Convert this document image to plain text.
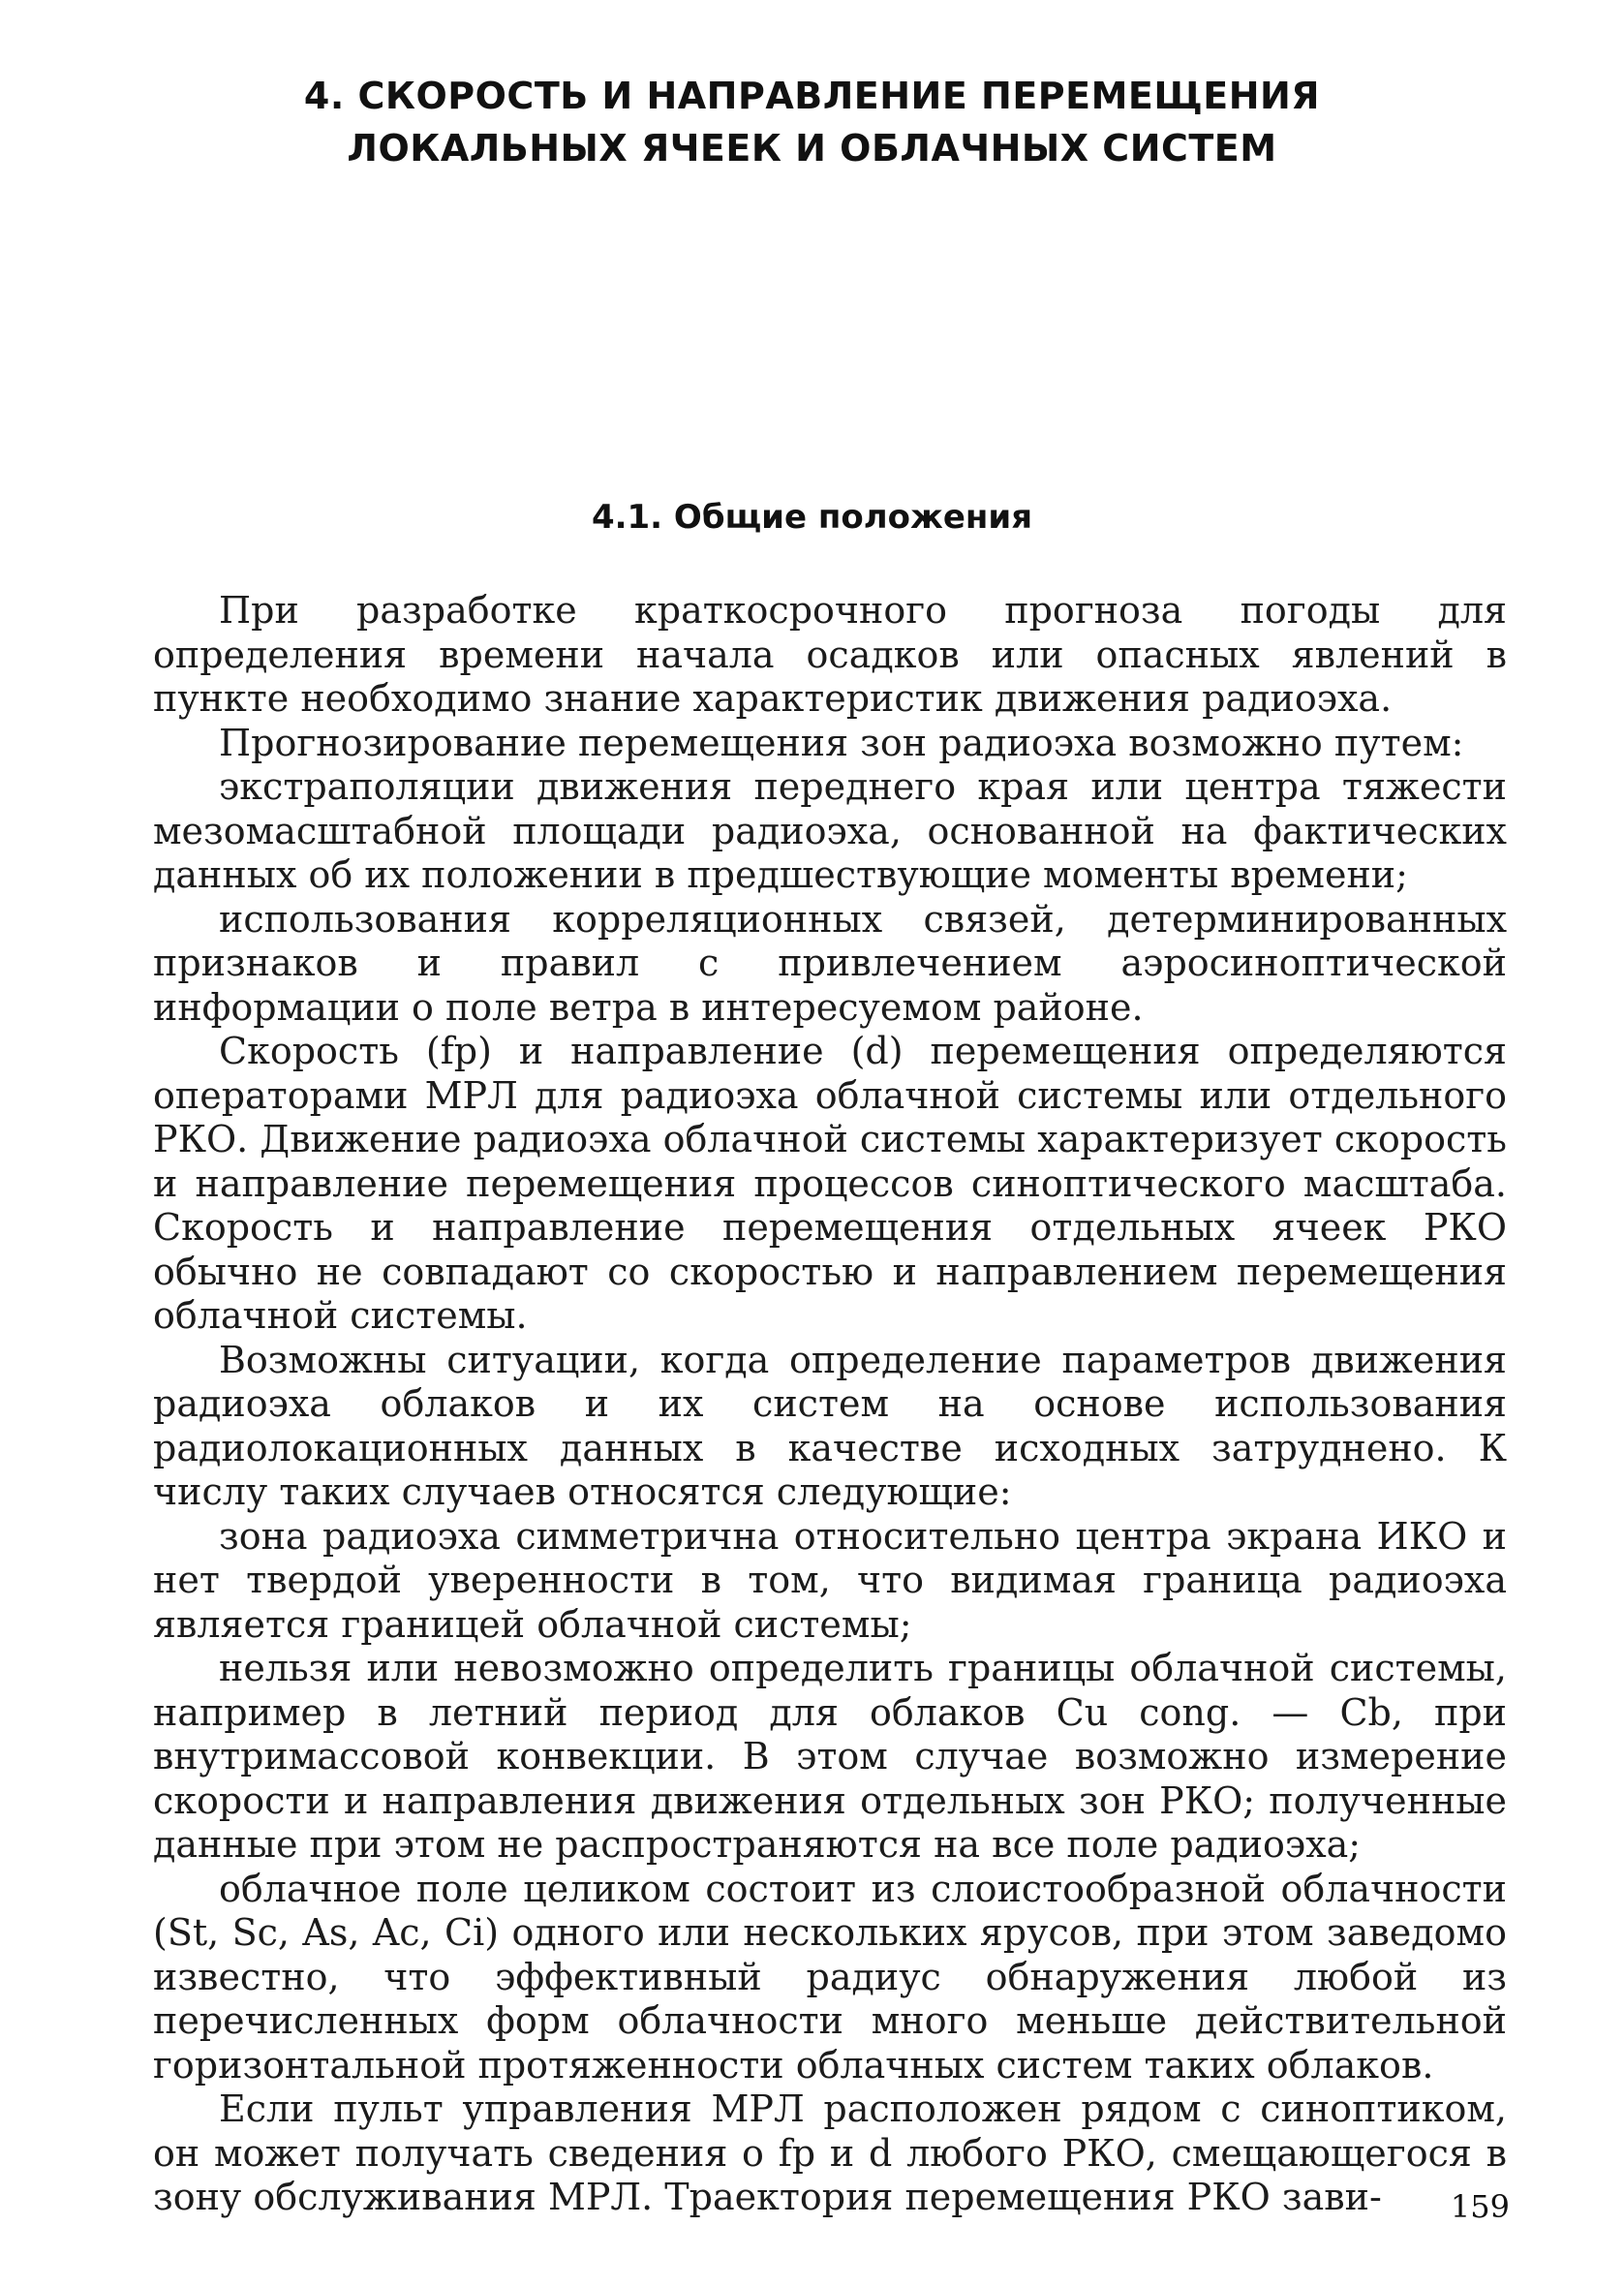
4. СКОРОСТЬ И НАПРАВЛЕНИЕ ПЕРЕМЕЩЕНИЯ
ЛОКАЛЬНЫХ ЯЧЕЕК И ОБЛАЧНЫХ СИСТЕМ
4.1. Общие положения

При разработке краткосрочного прогноза погоды для определения времени начала осадков или опасных явлений в пункте необходимо знание характеристик движения радиоэха.

Прогнозирование перемещения зон радиоэха возможно путем:

экстраполяции движения переднего края или центра тяжести мезомасштабной площади радиоэха, основанной на фактических данных об их положении в предшествующие моменты времени;

использования корреляционных связей, детерминированных признаков и правил с привлечением аэросиноптической информации о поле ветра в интересуемом районе.

Скорость (fр) и направление (d) перемещения определяются операторами МРЛ для радиоэха облачной системы или отдельного РКО. Движение радиоэха облачной системы характеризует скорость и направление перемещения процессов синоптического масштаба. Скорость и направление перемещения отдельных ячеек РКО обычно не совпадают со скоростью и направлением перемещения облачной системы.

Возможны ситуации, когда определение параметров движения радиоэха облаков и их систем на основе использования радиолокационных данных в качестве исходных затруднено. К числу таких случаев относятся следующие:

зона радиоэха симметрична относительно центра экрана ИКО и нет твердой уверенности в том, что видимая граница радиоэха является границей облачной системы;

нельзя или невозможно определить границы облачной системы, например в летний период для облаков Cu cong. — Cb, при внутримассовой конвекции. В этом случае возможно измерение скорости и направления движения отдельных зон РКО; полученные данные при этом не распространяются на все поле радиоэха;

облачное поле целиком состоит из слоистообразной облачности (St, Sc, As, Ac, Ci) одного или нескольких ярусов, при этом заведомо известно, что эффективный радиус обнаружения любой из перечисленных форм облачности много меньше действительной горизонтальной протяженности облачных систем таких облаков.

Если пульт управления МРЛ расположен рядом с синоптиком, он может получать сведения о fр и d любого РКО, смещающегося в зону обслуживания МРЛ. Траектория перемещения РКО зави-	159
